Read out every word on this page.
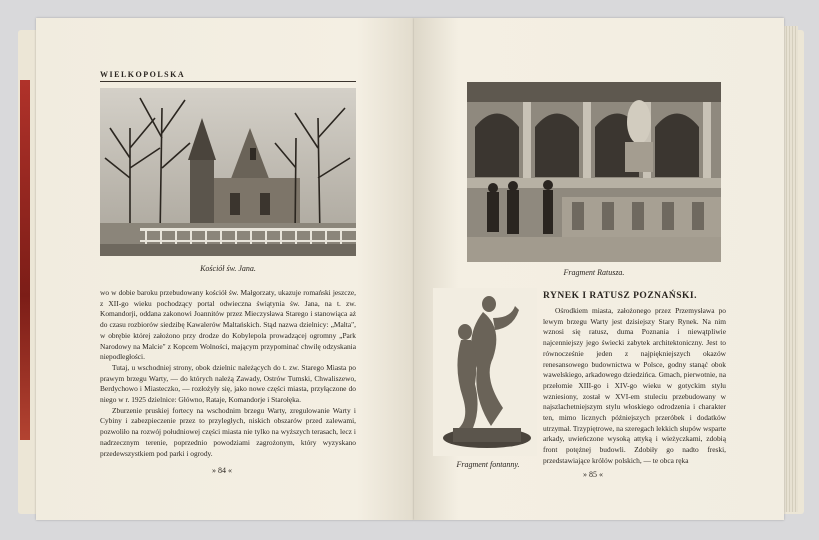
WIELKOPOLSKA
Kościół św. Jana.

wo w dobie baroku przebudowany kościół św. Małgorzaty, ukazuje romański jeszcze, z XII-go wieku pochodzący portal odwieczna świątynia św. Jana, na t. zw. Komandorji, oddana zakonowi Joannitów przez Mieczysława Starego i stanowiąca aż do czasu rozbiorów siedzibę Kawalerów Maltańskich. Stąd nazwa dzielnicy: „Malta", w obrębie której założono przy drodze do Kobylepola prowadzącej ogromny „Park Narodowy na Malcie" z Kopcem Wolności, mającym przypominać chwilę odzyskania niepodległości.

Tutaj, u wschodniej strony, obok dzielnic należących do t. zw. Starego Miasta po prawym brzegu Warty, — do których należą Zawady, Ostrów Tumski, Chwaliszewo, Berdychowo i Miasteczko, — rozłożyły się, jako nowe części miasta, przyłączone do niego w r. 1925 dzielnice: Główno, Rataje, Komandorje i Starołęka.

Zburzenie pruskiej fortecy na wschodnim brzegu Warty, zregulowanie Warty i Cybiny i zabezpieczenie przez to przyległych, niskich obszarów przed zalewami, pozwoliło na rozwój południowej części miasta nie tylko na wyższych terasach, lecz i nadrzecznym terenie, poprzednio powodziami zagrożonym, który wyzyskano przedewszystkiem pod parki i ogrody.

» 84 «
Fragment Ratusza.
Fragment fontanny.
RYNEK I RATUSZ POZNAŃSKI.

Ośrodkiem miasta, założonego przez Przemysława po lewym brzegu Warty jest dzisiejszy Stary Rynek. Na nim wznosi się ratusz, duma Poznania i niewątpliwie najcenniejszy jego świecki zabytek architektoniczny. Jest to równocześnie jeden z najpiękniejszych okazów renesansowego budownictwa w Polsce, godny stanąć obok wawelskiego, arkadowego dziedzińca. Gmach, pierwotnie, na przełomie XIII-go i XIV-go wieku w gotyckim stylu wzniesiony, został w XVI-em stuleciu przebudowany w najszlachetniejszym stylu włoskiego odrodzenia i charakter ten, mimo licznych późniejszych przeróbek i dodatków utrzymał. Trzypiętrowe, na szeregach lekkich słupów wsparte arkady, uwieńczone wysoką attyką i wieżyczkami, zdobią front potężnej budowli. Zdobiły go nadto freski, przedstawiające królów polskich, — te obca ręka

» 85 «
